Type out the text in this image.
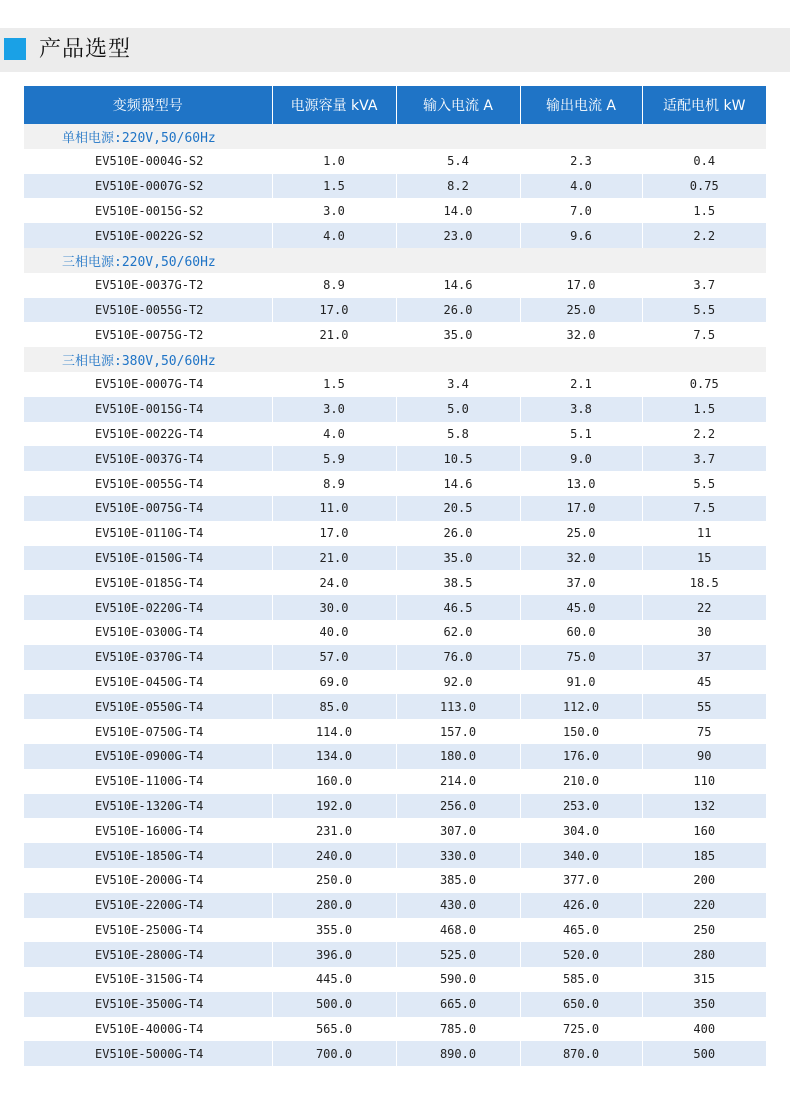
产品选型
变频器型号	电源容量 kVA	输入电流 A	输出电流 A	适配电机 kW
单相电源:220V,50/60Hz				
EV510E-0004G-S2	1.0	5.4	2.3	0.4
EV510E-0007G-S2	1.5	8.2	4.0	0.75
EV510E-0015G-S2	3.0	14.0	7.0	1.5
EV510E-0022G-S2	4.0	23.0	9.6	2.2
三相电源:220V,50/60Hz				
EV510E-0037G-T2	8.9	14.6	17.0	3.7
EV510E-0055G-T2	17.0	26.0	25.0	5.5
EV510E-0075G-T2	21.0	35.0	32.0	7.5
三相电源:380V,50/60Hz				
EV510E-0007G-T4	1.5	3.4	2.1	0.75
EV510E-0015G-T4	3.0	5.0	3.8	1.5
EV510E-0022G-T4	4.0	5.8	5.1	2.2
EV510E-0037G-T4	5.9	10.5	9.0	3.7
EV510E-0055G-T4	8.9	14.6	13.0	5.5
EV510E-0075G-T4	11.0	20.5	17.0	7.5
EV510E-0110G-T4	17.0	26.0	25.0	11
EV510E-0150G-T4	21.0	35.0	32.0	15
EV510E-0185G-T4	24.0	38.5	37.0	18.5
EV510E-0220G-T4	30.0	46.5	45.0	22
EV510E-0300G-T4	40.0	62.0	60.0	30
EV510E-0370G-T4	57.0	76.0	75.0	37
EV510E-0450G-T4	69.0	92.0	91.0	45
EV510E-0550G-T4	85.0	113.0	112.0	55
EV510E-0750G-T4	114.0	157.0	150.0	75
EV510E-0900G-T4	134.0	180.0	176.0	90
EV510E-1100G-T4	160.0	214.0	210.0	110
EV510E-1320G-T4	192.0	256.0	253.0	132
EV510E-1600G-T4	231.0	307.0	304.0	160
EV510E-1850G-T4	240.0	330.0	340.0	185
EV510E-2000G-T4	250.0	385.0	377.0	200
EV510E-2200G-T4	280.0	430.0	426.0	220
EV510E-2500G-T4	355.0	468.0	465.0	250
EV510E-2800G-T4	396.0	525.0	520.0	280
EV510E-3150G-T4	445.0	590.0	585.0	315
EV510E-3500G-T4	500.0	665.0	650.0	350
EV510E-4000G-T4	565.0	785.0	725.0	400
EV510E-5000G-T4	700.0	890.0	870.0	500
